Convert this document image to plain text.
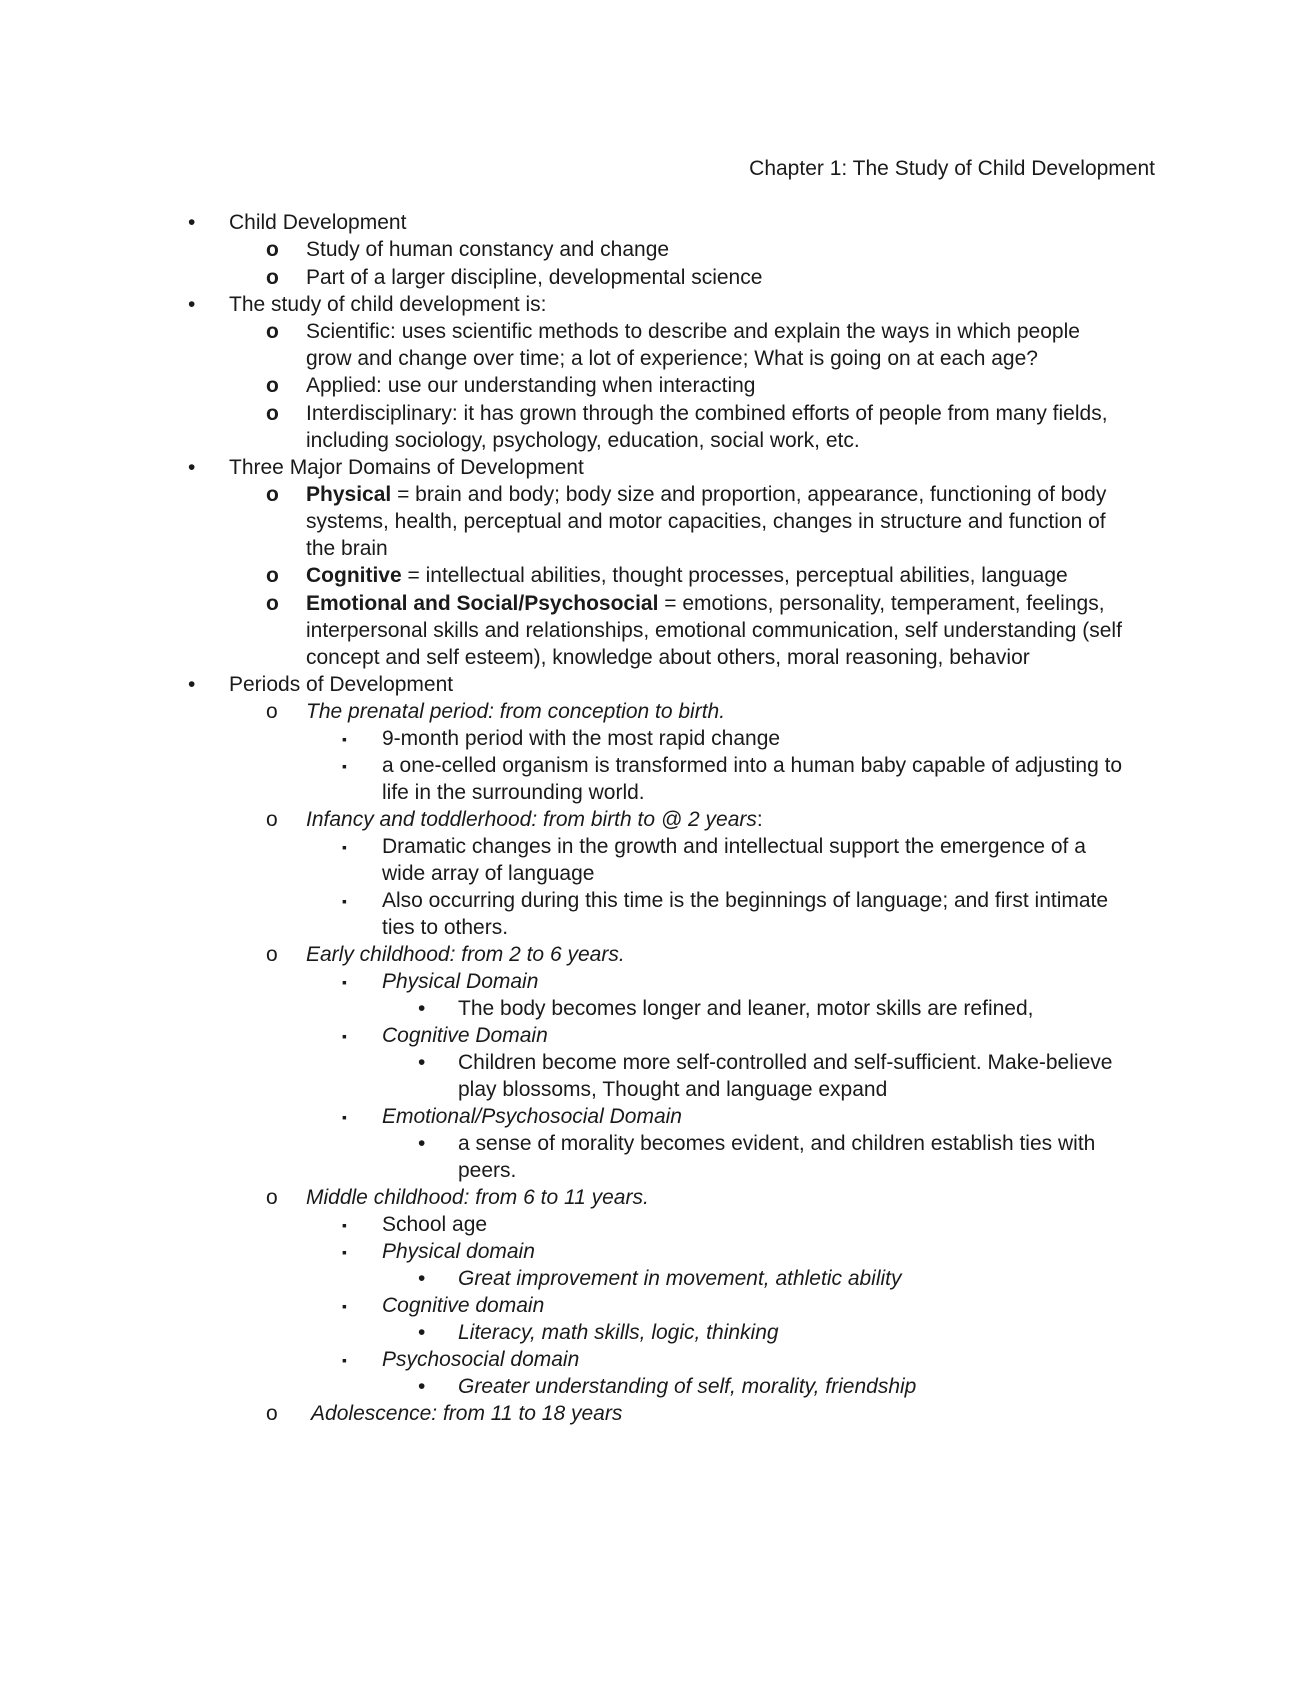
Chapter 1: The Study of Child Development
• Child Development
o Study of human constancy and change
o Part of a larger discipline, developmental science
• The study of child development is:
o Scientific: uses scientific methods to describe and explain the ways in which people
grow and change over time; a lot of experience; What is going on at each age?
o Applied: use our understanding when interacting
o Interdisciplinary: it has grown through the combined efforts of people from many fields,
including sociology, psychology, education, social work, etc.
• Three Major Domains of Development
o Physical = brain and body; body size and proportion, appearance, functioning of body
systems, health, perceptual and motor capacities, changes in structure and function of
the brain
o Cognitive = intellectual abilities, thought processes, perceptual abilities, language
o Emotional and Social/Psychosocial = emotions, personality, temperament, feelings,
interpersonal skills and relationships, emotional communication, self understanding (self
concept and self esteem), knowledge about others, moral reasoning, behavior
• Periods of Development
o The prenatal period: from conception to birth.
▪ 9-month period with the most rapid change
▪ a one-celled organism is transformed into a human baby capable of adjusting to
life in the surrounding world.
o Infancy and toddlerhood: from birth to @ 2 years:
▪ Dramatic changes in the growth and intellectual support the emergence of a
wide array of language
▪ Also occurring during this time is the beginnings of language; and first intimate
ties to others.
o Early childhood: from 2 to 6 years.
▪ Physical Domain
• The body becomes longer and leaner, motor skills are refined,
▪ Cognitive Domain
• Children become more self-controlled and self-sufficient. Make-believe
play blossoms, Thought and language expand
▪ Emotional/Psychosocial Domain
• a sense of morality becomes evident, and children establish ties with
peers.
o Middle childhood: from 6 to 11 years.
▪ School age
▪ Physical domain
• Great improvement in movement, athletic ability
▪ Cognitive domain
• Literacy, math skills, logic, thinking
▪ Psychosocial domain
• Greater understanding of self, morality, friendship
o Adolescence: from 11 to 18 years
